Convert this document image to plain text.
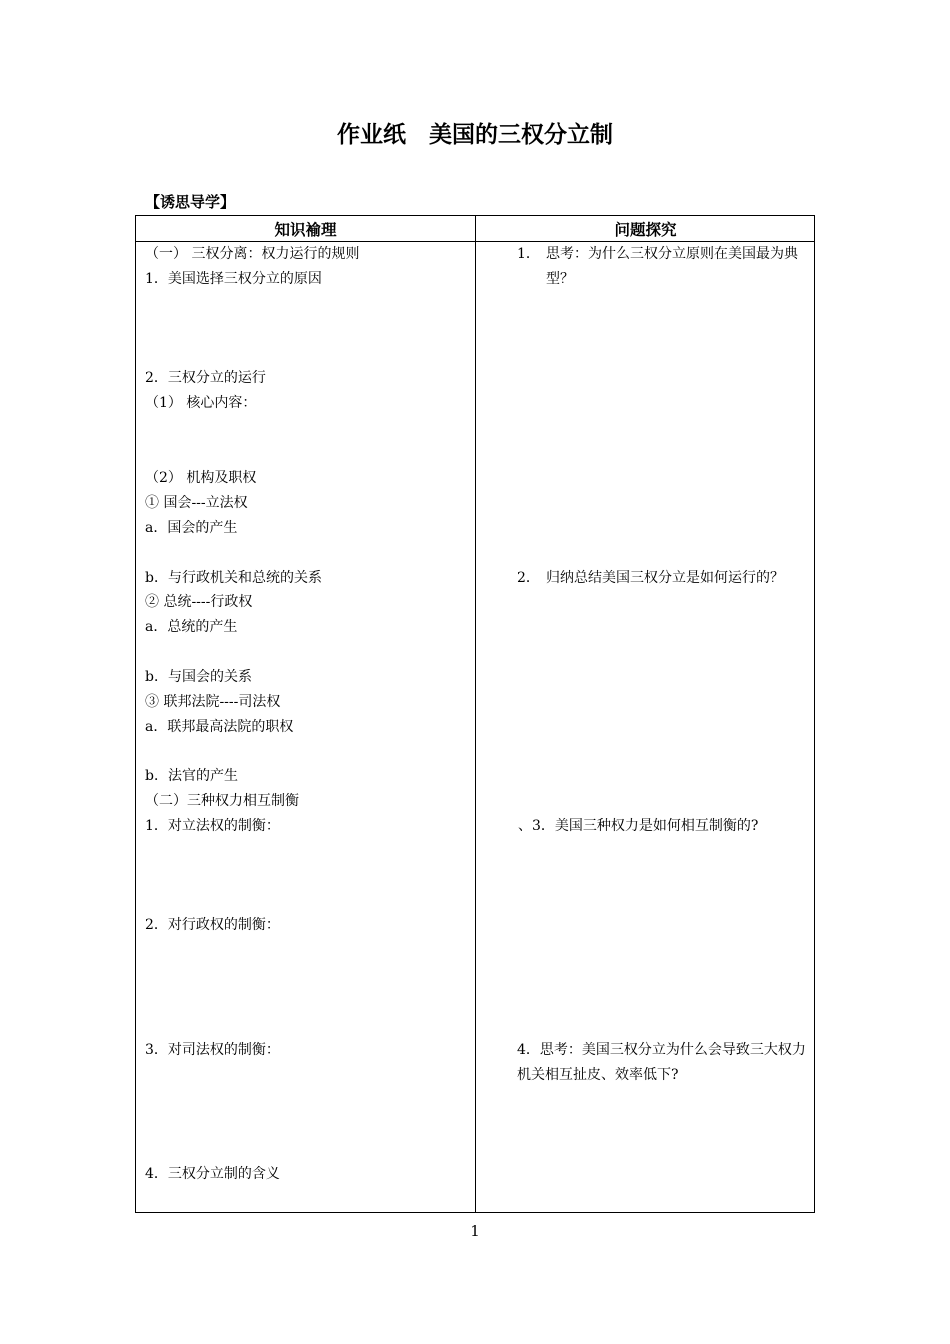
作业纸　美国的三权分立制
【诱思导学】
知识褕理	问题探究
（一） 三权分离：权力运行的规则
1．美国选择三权分立的原因
2．三权分立的运行
（1） 核心内容：
（2） 机构及职权
① 国会---立法权
a．国会的产生
b．与行政机关和总统的关系
② 总统----行政权
a．总统的产生
b．与国会的关系
③ 联邦法院----司法权
a．联邦最高法院的职权
b．法官的产生
（二）三种权力相互制衡
1．对立法权的制衡：
2．对行政权的制衡：
3．对司法权的制衡：
4．三权分立制的含义
1． 思考：为什么三权分立原则在美国最为典型？
2． 归纳总结美国三权分立是如何运行的？
、3．美国三种权力是如何相互制衡的?
4．思考：美国三权分立为什么会导致三大权力机关相互扯皮、效率低下?
1
